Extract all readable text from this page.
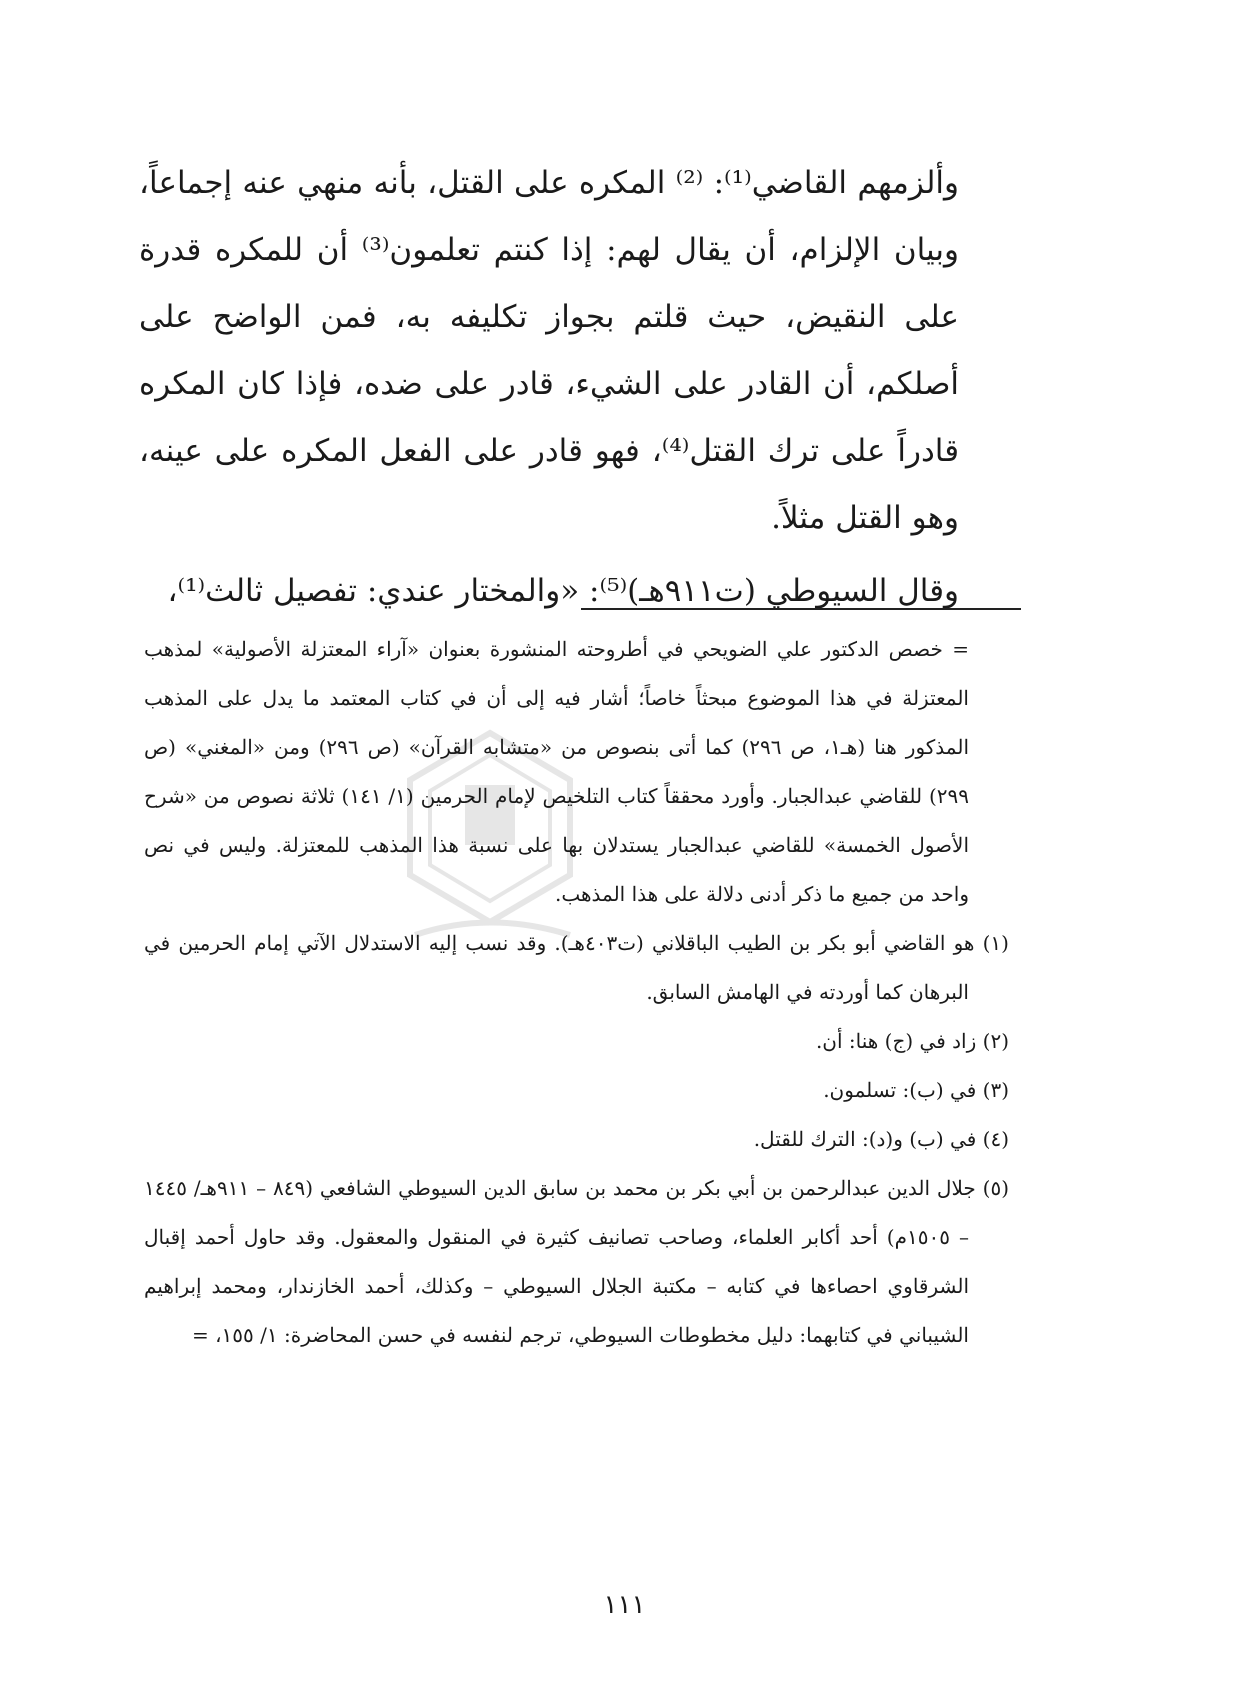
وألزمهم القاضي⁽¹⁾: ⁽²⁾ المكره على القتل، بأنه منهي عنه إجماعاً، وبيان الإلزام، أن يقال لهم: إذا كنتم تعلمون⁽³⁾ أن للمكره قدرة على النقيض، حيث قلتم بجواز تكليفه به، فمن الواضح على أصلكم، أن القادر على الشيء، قادر على ضده، فإذا كان المكره قادراً على ترك القتل⁽⁴⁾، فهو قادر على الفعل المكره على عينه، وهو القتل مثلاً.

وقال السيوطي (ت٩١١هـ)⁽⁵⁾: «والمختار عندي: تفصيل ثالث⁽¹⁾،

= خصص الدكتور علي الضويحي في أطروحته المنشورة بعنوان «آراء المعتزلة الأصولية» لمذهب المعتزلة في هذا الموضوع مبحثاً خاصاً؛ أشار فيه إلى أن في كتاب المعتمد ما يدل على المذهب المذكور هنا (هـ١، ص ٢٩٦) كما أتى بنصوص من «متشابه القرآن» (ص ٢٩٦) ومن «المغني» (ص ٢٩٩) للقاضي عبدالجبار. وأورد محققاً كتاب التلخيص لإمام الحرمين (١/ ١٤١) ثلاثة نصوص من «شرح الأصول الخمسة» للقاضي عبدالجبار يستدلان بها على نسبة هذا المذهب للمعتزلة. وليس في نص واحد من جميع ما ذكر أدنى دلالة على هذا المذهب.

(١) هو القاضي أبو بكر بن الطيب الباقلاني (ت٤٠٣هـ). وقد نسب إليه الاستدلال الآتي إمام الحرمين في البرهان كما أوردته في الهامش السابق.

(٢) زاد في (ج) هنا: أن.

(٣) في (ب): تسلمون.

(٤) في (ب) و(د): الترك للقتل.

(٥) جلال الدين عبدالرحمن بن أبي بكر بن محمد بن سابق الدين السيوطي الشافعي (٨٤٩ – ٩١١هـ/ ١٤٤٥ – ١٥٠٥م) أحد أكابر العلماء، وصاحب تصانيف كثيرة في المنقول والمعقول. وقد حاول أحمد إقبال الشرقاوي احصاءها في كتابه – مكتبة الجلال السيوطي – وكذلك، أحمد الخازندار، ومحمد إبراهيم الشيباني في كتابهما: دليل مخطوطات السيوطي، ترجم لنفسه في حسن المحاضرة: ١/ ١٥٥، =

١١١
